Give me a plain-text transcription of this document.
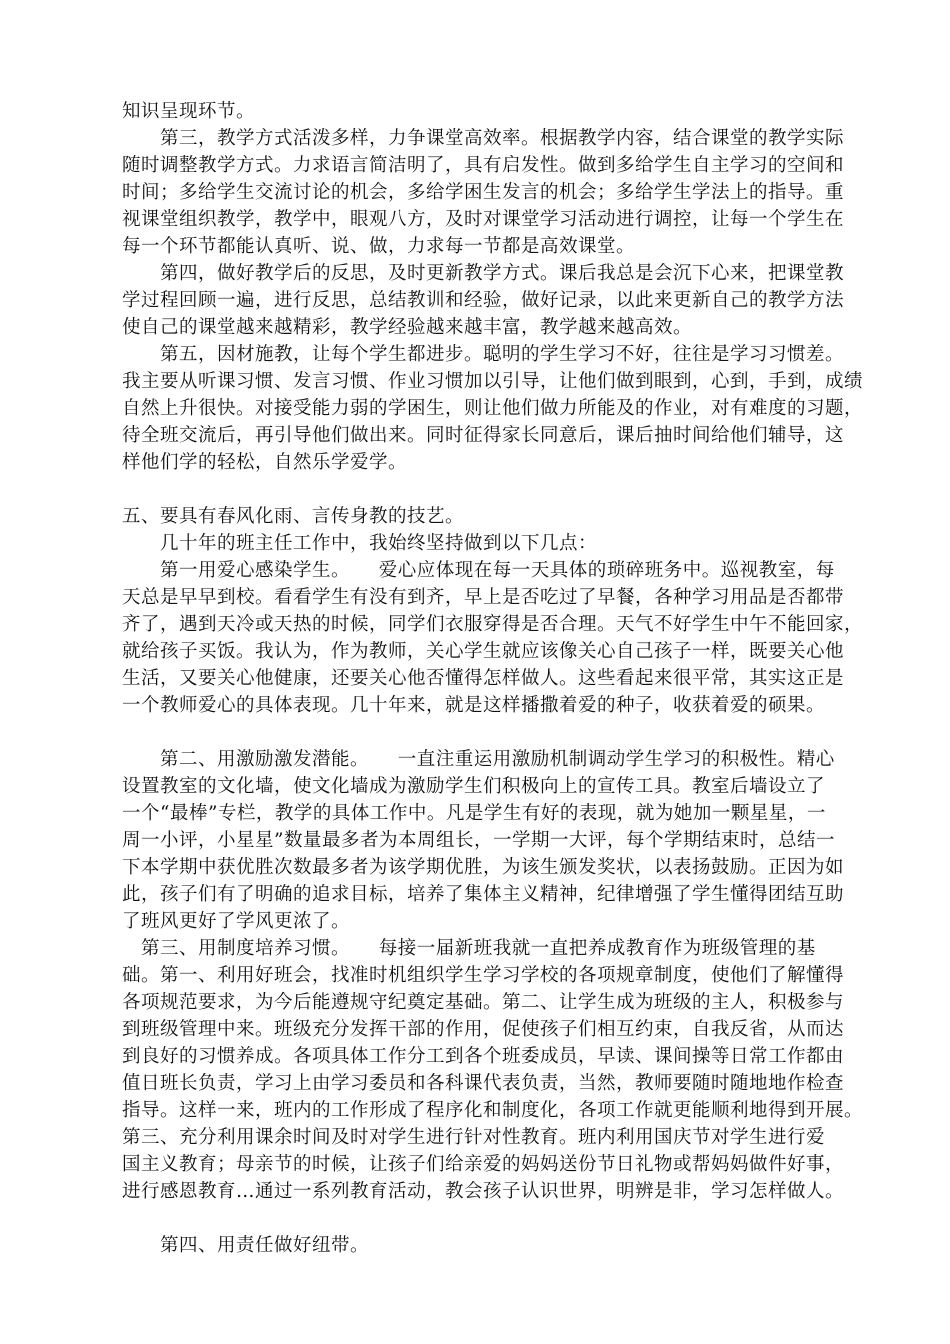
知识呈现环节。
　　第三，教学方式活泼多样，力争课堂高效率。根据教学内容，结合课堂的教学实际
随时调整教学方式。力求语言简洁明了，具有启发性。做到多给学生自主学习的空间和
时间；多给学生交流讨论的机会，多给学困生发言的机会；多给学生学法上的指导。重
视课堂组织教学，教学中，眼观八方，及时对课堂学习活动进行调控，让每一个学生在
每一个环节都能认真听、说、做，力求每一节都是高效课堂。
　　第四，做好教学后的反思，及时更新教学方式。课后我总是会沉下心来，把课堂教
学过程回顾一遍，进行反思，总结教训和经验，做好记录，以此来更新自己的教学方法
使自己的课堂越来越精彩，教学经验越来越丰富，教学越来越高效。
　　第五，因材施教，让每个学生都进步。聪明的学生学习不好，往往是学习习惯差。
我主要从听课习惯、发言习惯、作业习惯加以引导，让他们做到眼到，心到，手到，成绩
自然上升很快。对接受能力弱的学困生，则让他们做力所能及的作业，对有难度的习题，
待全班交流后，再引导他们做出来。同时征得家长同意后，课后抽时间给他们辅导，这
样他们学的轻松，自然乐学爱学。
五、要具有春风化雨、言传身教的技艺。
　　几十年的班主任工作中，我始终坚持做到以下几点：
　　第一用爱心感染学生。　　爱心应体现在每一天具体的琐碎班务中。巡视教室，每
天总是早早到校。看看学生有没有到齐，早上是否吃过了早餐，各种学习用品是否都带
齐了，遇到天冷或天热的时候，同学们衣服穿得是否合理。天气不好学生中午不能回家，
就给孩子买饭。我认为，作为教师，关心学生就应该像关心自己孩子一样，既要关心他
生活，又要关心他健康，还要关心他否懂得怎样做人。这些看起来很平常，其实这正是
一个教师爱心的具体表现。几十年来，就是这样播撒着爱的种子，收获着爱的硕果。
　　第二、用激励激发潜能。　　一直注重运用激励机制调动学生学习的积极性。精心
设置教室的文化墙，使文化墙成为激励学生们积极向上的宣传工具。教室后墙设立了
一个“最棒”专栏，教学的具体工作中。凡是学生有好的表现，就为她加一颗星星，一
周一小评，小星星”数量最多者为本周组长，一学期一大评，每个学期结束时，总结一
下本学期中获优胜次数最多者为该学期优胜，为该生颁发奖状，以表扬鼓励。正因为如
此，孩子们有了明确的追求目标，培养了集体主义精神，纪律增强了学生懂得团结互助
了班风更好了学风更浓了。
　第三、用制度培养习惯。　　每接一届新班我就一直把养成教育作为班级管理的基
础。第一、利用好班会，找准时机组织学生学习学校的各项规章制度，使他们了解懂得
各项规范要求，为今后能遵规守纪奠定基础。第二、让学生成为班级的主人，积极参与
到班级管理中来。班级充分发挥干部的作用，促使孩子们相互约束，自我反省，从而达
到良好的习惯养成。各项具体工作分工到各个班委成员，早读、课间操等日常工作都由
值日班长负责，学习上由学习委员和各科课代表负责，当然，教师要随时随地地作检查
指导。这样一来，班内的工作形成了程序化和制度化，各项工作就更能顺利地得到开展。
第三、充分利用课余时间及时对学生进行针对性教育。班内利用国庆节对学生进行爱
国主义教育；母亲节的时候，让孩子们给亲爱的妈妈送份节日礼物或帮妈妈做件好事，
进行感恩教育…通过一系列教育活动，教会孩子认识世界，明辨是非，学习怎样做人。
　　第四、用责任做好纽带。
